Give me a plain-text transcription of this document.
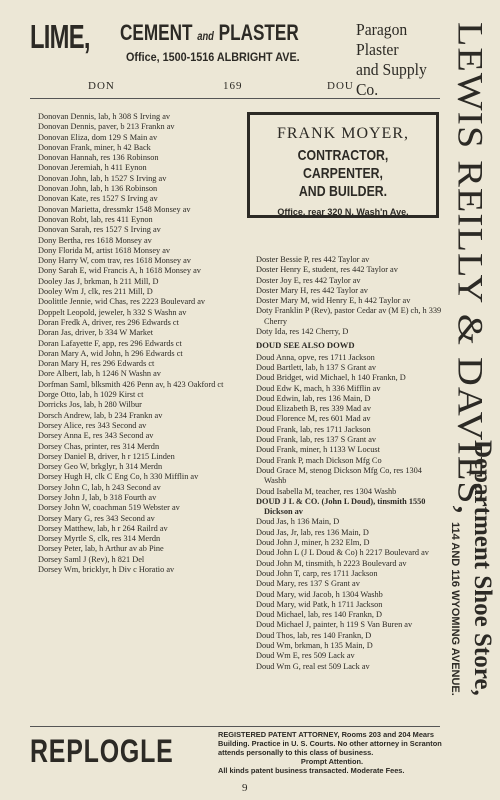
LIME, CEMENT and PLASTER
Office, 1500-1516 ALBRIGHT AVE.
Paragon Plaster
and Supply Co.
DON	169	DOU LEWIS REILLY & DAVIES,
Department Shoe Store,
114 AND 116 WYOMING AVENUE.
Donovan Dennis, lab, h 308 S Irving av
Donovan Dennis, paver, b 213 Frankn av
Donovan Eliza, dom 129 S Main av
Donovan Frank, miner, h 42 Back
Donovan Hannah, res 136 Robinson
Donovan Jeremiah, h 411 Eynon
Donovan John, lab, h 1527 S Irving av
Donovan John, lab, h 136 Robinson
Donovan Kate, res 1527 S Irving av
Donovan Marietta, dressmkr 1548 Monsey av
Donovan Robt, lab, res 411 Eynon
Donovan Sarah, res 1527 S Irving av
Dony Bertha, res 1618 Monsey av
Dony Florida M, artist 1618 Monsey av
Dony Harry W, com trav, res 1618 Monsey av
Dony Sarah E, wid Francis A, h 1618 Monsey av
Dooley Jas J, brkman, h 211 Mill, D
Dooley Wm J, clk, res 211 Mill, D
Doolittle Jennie, wid Chas, res 2223 Boulevard av
Doppelt Leopold, jeweler, h 332 S Washn av
Doran Fredk A, driver, res 296 Edwards ct
Doran Jas, driver, b 334 W Market
Doran Lafayette F, app, res 296 Edwards ct
Doran Mary A, wid John, h 296 Edwards ct
Doran Mary H, res 296 Edwards ct
Dore Albert, lab, h 1246 N Washn av
Dorfman Saml, blksmith 426 Penn av, h 423 Oakford ct
Dorge Otto, lab, h 1029 Kirst ct
Dorricks Jos, lab, h 280 Wilbur
Dorsch Andrew, lab, b 234 Frankn av
Dorsey Alice, res 343 Second av
Dorsey Anna E, res 343 Second av
Dorsey Chas, printer, res 314 Merdn
Dorsey Daniel B, driver, h r 1215 Linden
Dorsey Geo W, brkglyr, h 314 Merdn
Dorsey Hugh H, clk C Eng Co, h 330 Mifflin av
Dorsey John C, lab, h 243 Second av
Dorsey John J, lab, b 318 Fourth av
Dorsey John W, coachman 519 Webster av
Dorsey Mary G, res 343 Second av
Dorsey Matthew, lab, h r 264 Railrd av
Dorsey Myrtle S, clk, res 314 Merdn
Dorsey Peter, lab, h Arthur av ab Pine
Dorsey Saml J (Rev), h 821 Del
Dorsey Wm, bricklyr, h Div c Horatio av
FRANK MOYER,
CONTRACTOR, CARPENTER,
AND BUILDER.
Office, rear 320 N. Wash'n Ave.
Doster Bessie P, res 442 Taylor av
Doster Henry E, student, res 442 Taylor av
Doster Joy E, res 442 Taylor av
Doster Mary H, res 442 Taylor av
Doster Mary M, wid Henry E, h 442 Taylor av
Doty Franklin P (Rev), pastor Cedar av (M E) ch, h 339 Cherry
Doty Ida, res 142 Cherry, D
DOUD SEE ALSO DOWD
Doud Anna, opve, res 1711 Jackson
Doud Bartlett, lab, h 137 S Grant av
Doud Bridget, wid Michael, h 140 Frankn, D
Doud Edw K, mach, h 336 Mifflin av
Doud Edwin, lab, res 136 Main, D
Doud Elizabeth B, res 339 Mad av
Doud Florence M, res 601 Mad av
Doud Frank, lab, res 1711 Jackson
Doud Frank, lab, res 137 S Grant av
Doud Frank, miner, h 1133 W Locust
Doud Frank P, mach Dickson Mfg Co
Doud Grace M, stenog Dickson Mfg Co, res 1304 Washb
Doud Isabella M, teacher, res 1304 Washb
DOUD J L & CO. (John L Doud), tinsmith 1550 Dickson av
Doud Jas, h 136 Main, D
Doud Jas, Jr, lab, res 136 Main, D
Doud John J, miner, h 232 Elm, D
Doud John L (J L Doud & Co) h 2217 Boulevard av
Doud John M, tinsmith, h 2223 Boulevard av
Doud John T, carp, res 1711 Jackson
Doud Mary, res 137 S Grant av
Doud Mary, wid Jacob, h 1304 Washb
Doud Mary, wid Patk, h 1711 Jackson
Doud Michael, lab, res 140 Frankn, D
Doud Michael J, painter, h 119 S Van Buren av
Doud Thos, lab, res 140 Frankn, D
Doud Wm, brkman, h 135 Main, D
Doud Wm E, res 509 Lack av
Doud Wm G, real est 509 Lack av
REPLOGLE	REGISTERED PATENT ATTORNEY, Rooms 203 and 204 Mears Building. Practice in U. S. Courts. No other attorney in Scranton attends personally to this class of business.
Prompt Attention.
All kinds patent business transacted. Moderate Fees.
9
